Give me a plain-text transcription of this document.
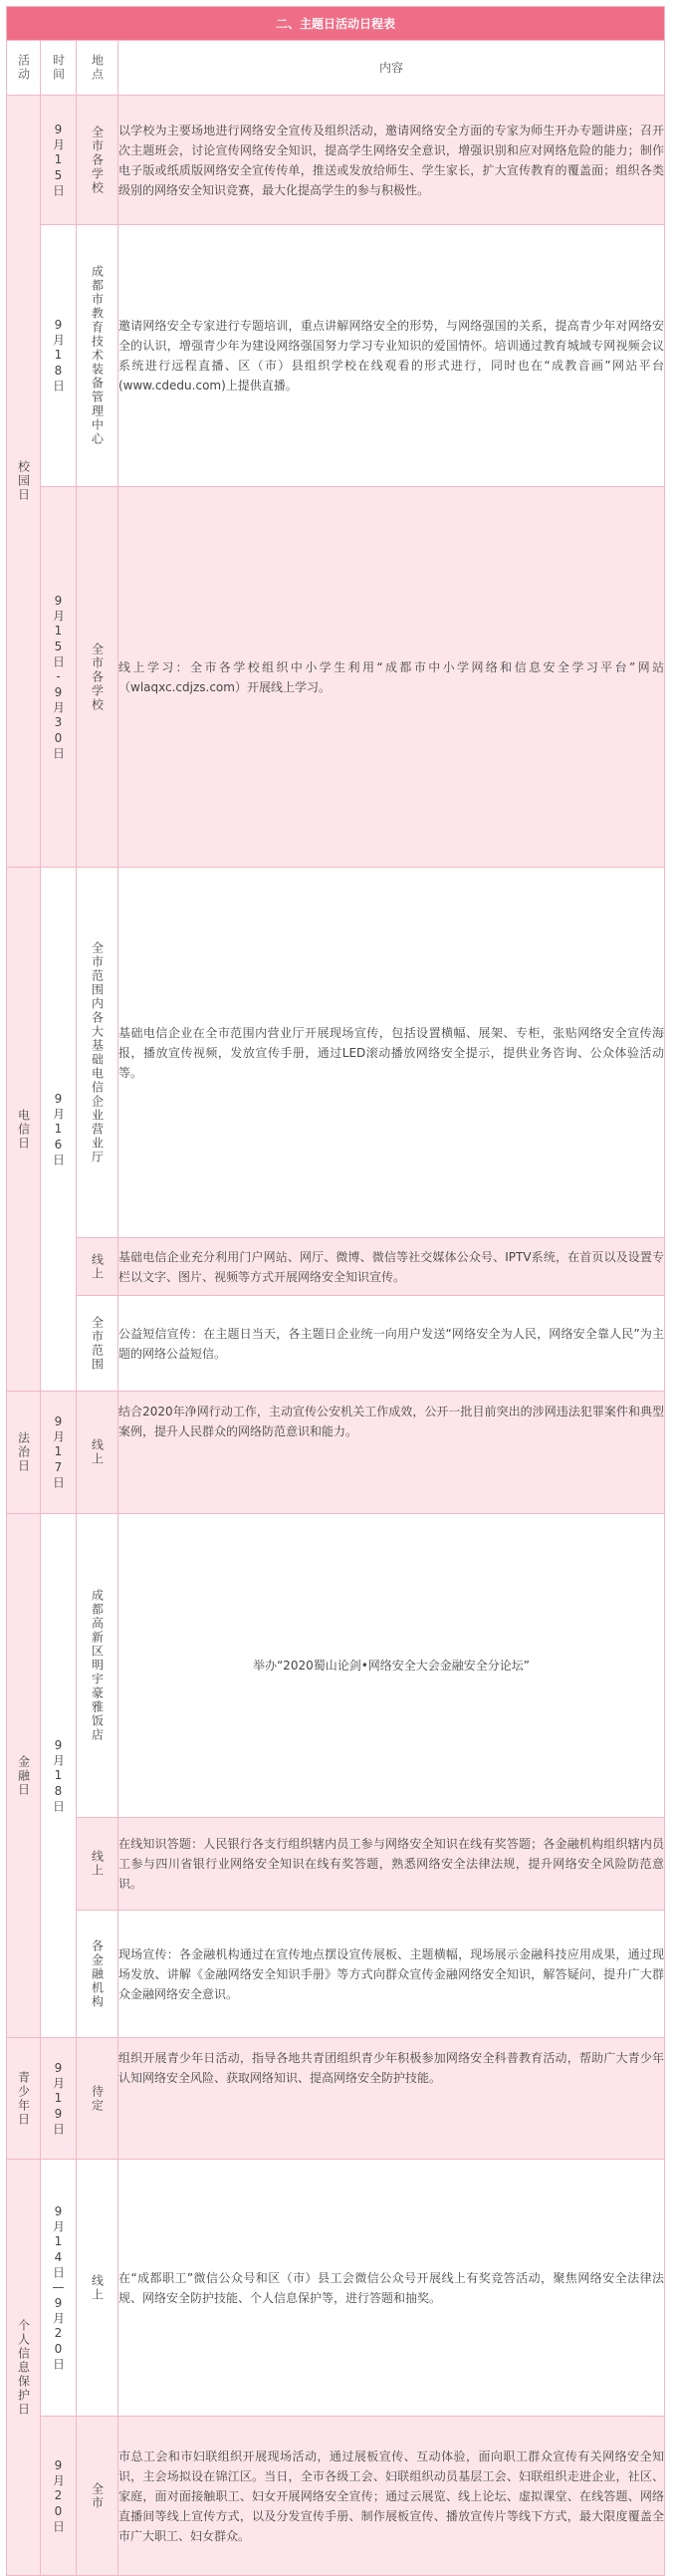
二、主题日活动日程表			

活动	时间	地点	内容

校园日	9月15日	全市各学校	以学校为主要场地进行网络安全宣传及组织活动，邀请网络安全方面的专家为师生开办专题讲座；召开次主题班会，讨论宣传网络安全知识，提高学生网络安全意识，增强识别和应对网络危险的能力；制作电子版或纸质版网络安全宣传传单，推送或发放给师生、学生家长，扩大宣传教育的覆盖面；组织各类级别的网络安全知识竞赛，最大化提高学生的参与积极性。

	9月18日	成都市教育技术装备管理中心	邀请网络安全专家进行专题培训，重点讲解网络安全的形势，与网络强国的关系，提高青少年对网络安全的认识，增强青少年为建设网络强国努力学习专业知识的爱国情怀。培训通过教育城域专网视频会议系统进行远程直播、区（市）县组织学校在线观看的形式进行，同时也在“成教音画”网站平台(www.cdedu.com)上提供直播。

	9月15日-9月30日	全市各学校	线上学习：全市各学校组织中小学生利用“成都市中小学网络和信息安全学习平台”网站（wlaqxc.cdjzs.com）开展线上学习。

电信日	9月16日	全市范围内各大基础电信企业营业厅	基础电信企业在全市范围内营业厅开展现场宣传，包括设置横幅、展架、专柜，张贴网络安全宣传海报，播放宣传视频，发放宣传手册，通过LED滚动播放网络安全提示，提供业务咨询、公众体验活动等。

		线上	基础电信企业充分利用门户网站、网厅、微博、微信等社交媒体公众号、IPTV系统，在首页以及设置专栏以文字、图片、视频等方式开展网络安全知识宣传。

		全市范围	公益短信宣传：在主题日当天，各主题日企业统一向用户发送“网络安全为人民，网络安全靠人民”为主题的网络公益短信。

法治日	9月17日	线上	结合2020年净网行动工作，主动宣传公安机关工作成效，公开一批目前突出的涉网违法犯罪案件和典型案例，提升人民群众的网络防范意识和能力。

金融日	9月18日	成都高新区明宇豪雅饭店	举办“2020蜀山论剑•网络安全大会金融安全分论坛”

		线上	在线知识答题：人民银行各支行组织辖内员工参与网络安全知识在线有奖答题；各金融机构组织辖内员工参与四川省银行业网络安全知识在线有奖答题，熟悉网络安全法律法规，提升网络安全风险防范意识。

		各金融机构	现场宣传：各金融机构通过在宣传地点摆设宣传展板、主题横幅，现场展示金融科技应用成果，通过现场发放、讲解《金融网络安全知识手册》等方式向群众宣传金融网络安全知识，解答疑问，提升广大群众金融网络安全意识。

青少年日	9月19日	待定	组织开展青少年日活动，指导各地共青团组织青少年积极参加网络安全科普教育活动，帮助广大青少年认知网络安全风险、获取网络知识、提高网络安全防护技能。

个人信息保护日	9月14日—9月20日	线上	在“成都职工”微信公众号和区（市）县工会微信公众号开展线上有奖竞答活动，聚焦网络安全法律法规、网络安全防护技能、个人信息保护等，进行答题和抽奖。

	9月20日	全市	市总工会和市妇联组织开展现场活动，通过展板宣传、互动体验，面向职工群众宣传有关网络安全知识，主会场拟设在锦江区。当日，全市各级工会、妇联组织动员基层工会、妇联组织走进企业，社区、家庭，面对面接触职工、妇女开展网络安全宣传；通过云展览、线上论坛、虚拟课堂、在线答题、网络直播间等线上宣传方式，以及分发宣传手册、制作展板宣传、播放宣传片等线下方式，最大限度覆盖全市广大职工、妇女群众。
